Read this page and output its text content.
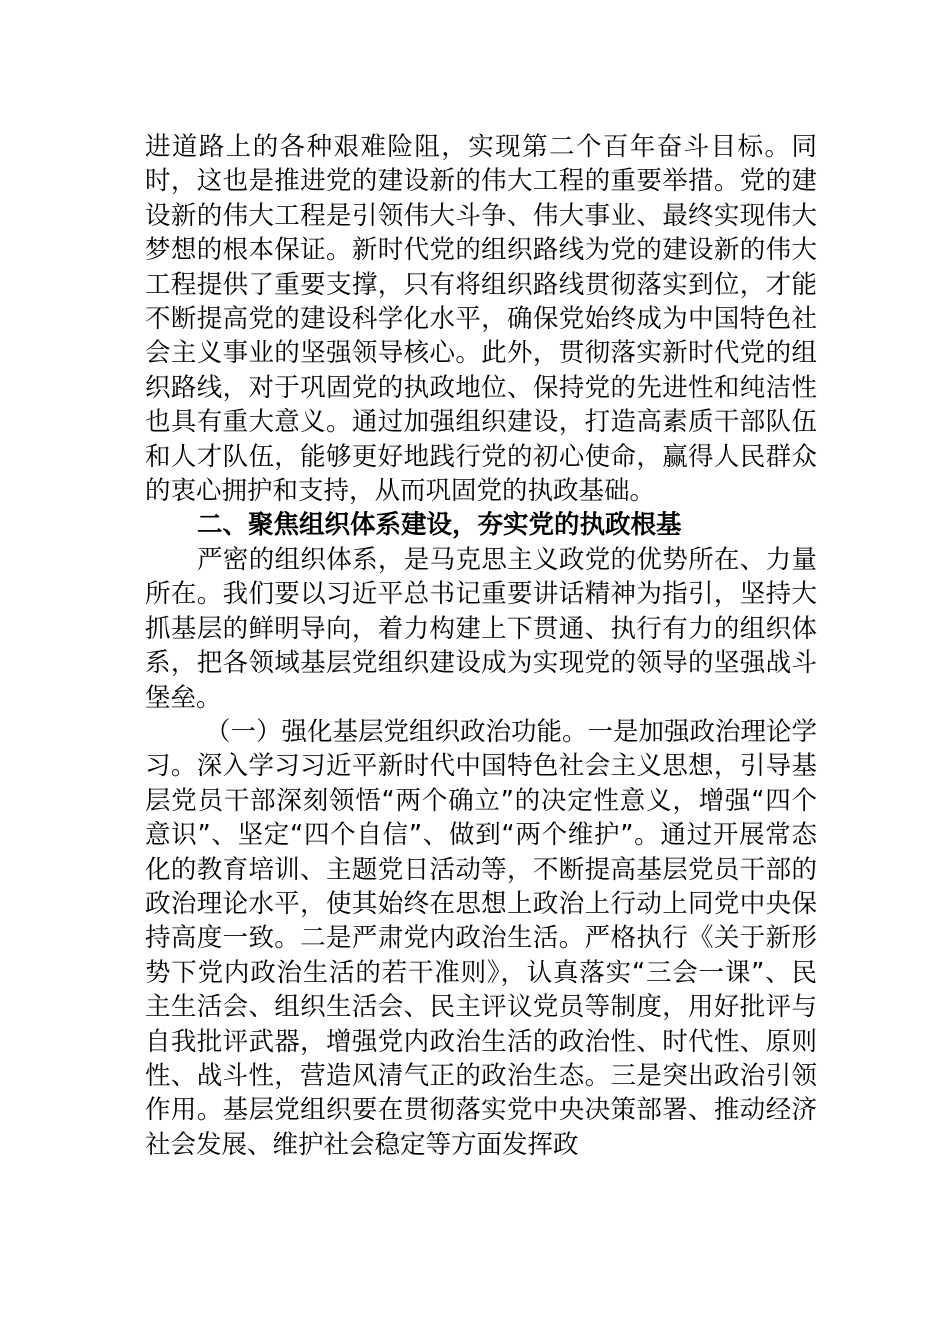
进道路上的各种艰难险阻，实现第二个百年奋斗目标。同时，这也是推进党的建设新的伟大工程的重要举措。党的建设新的伟大工程是引领伟大斗争、伟大事业、最终实现伟大梦想的根本保证。新时代党的组织路线为党的建设新的伟大工程提供了重要支撑，只有将组织路线贯彻落实到位，才能不断提高党的建设科学化水平，确保党始终成为中国特色社会主义事业的坚强领导核心。此外，贯彻落实新时代党的组织路线，对于巩固党的执政地位、保持党的先进性和纯洁性也具有重大意义。通过加强组织建设，打造高素质干部队伍和人才队伍，能够更好地践行党的初心使命，赢得人民群众的衷心拥护和支持，从而巩固党的执政基础。

二、聚焦组织体系建设，夯实党的执政根基

严密的组织体系，是马克思主义政党的优势所在、力量所在。我们要以习近平总书记重要讲话精神为指引，坚持大抓基层的鲜明导向，着力构建上下贯通、执行有力的组织体系，把各领域基层党组织建设成为实现党的领导的坚强战斗堡垒。

（一）强化基层党组织政治功能。一是加强政治理论学习。深入学习习近平新时代中国特色社会主义思想，引导基层党员干部深刻领悟“两个确立”的决定性意义，增强“四个意识”、坚定“四个自信”、做到“两个维护”。通过开展常态化的教育培训、主题党日活动等，不断提高基层党员干部的政治理论水平，使其始终在思想上政治上行动上同党中央保持高度一致。二是严肃党内政治生活。严格执行《关于新形势下党内政治生活的若干准则》，认真落实“三会一课”、民主生活会、组织生活会、民主评议党员等制度，用好批评与自我批评武器，增强党内政治生活的政治性、时代性、原则性、战斗性，营造风清气正的政治生态。三是突出政治引领作用。基层党组织要在贯彻落实党中央决策部署、推动经济社会发展、维护社会稳定等方面发挥政
